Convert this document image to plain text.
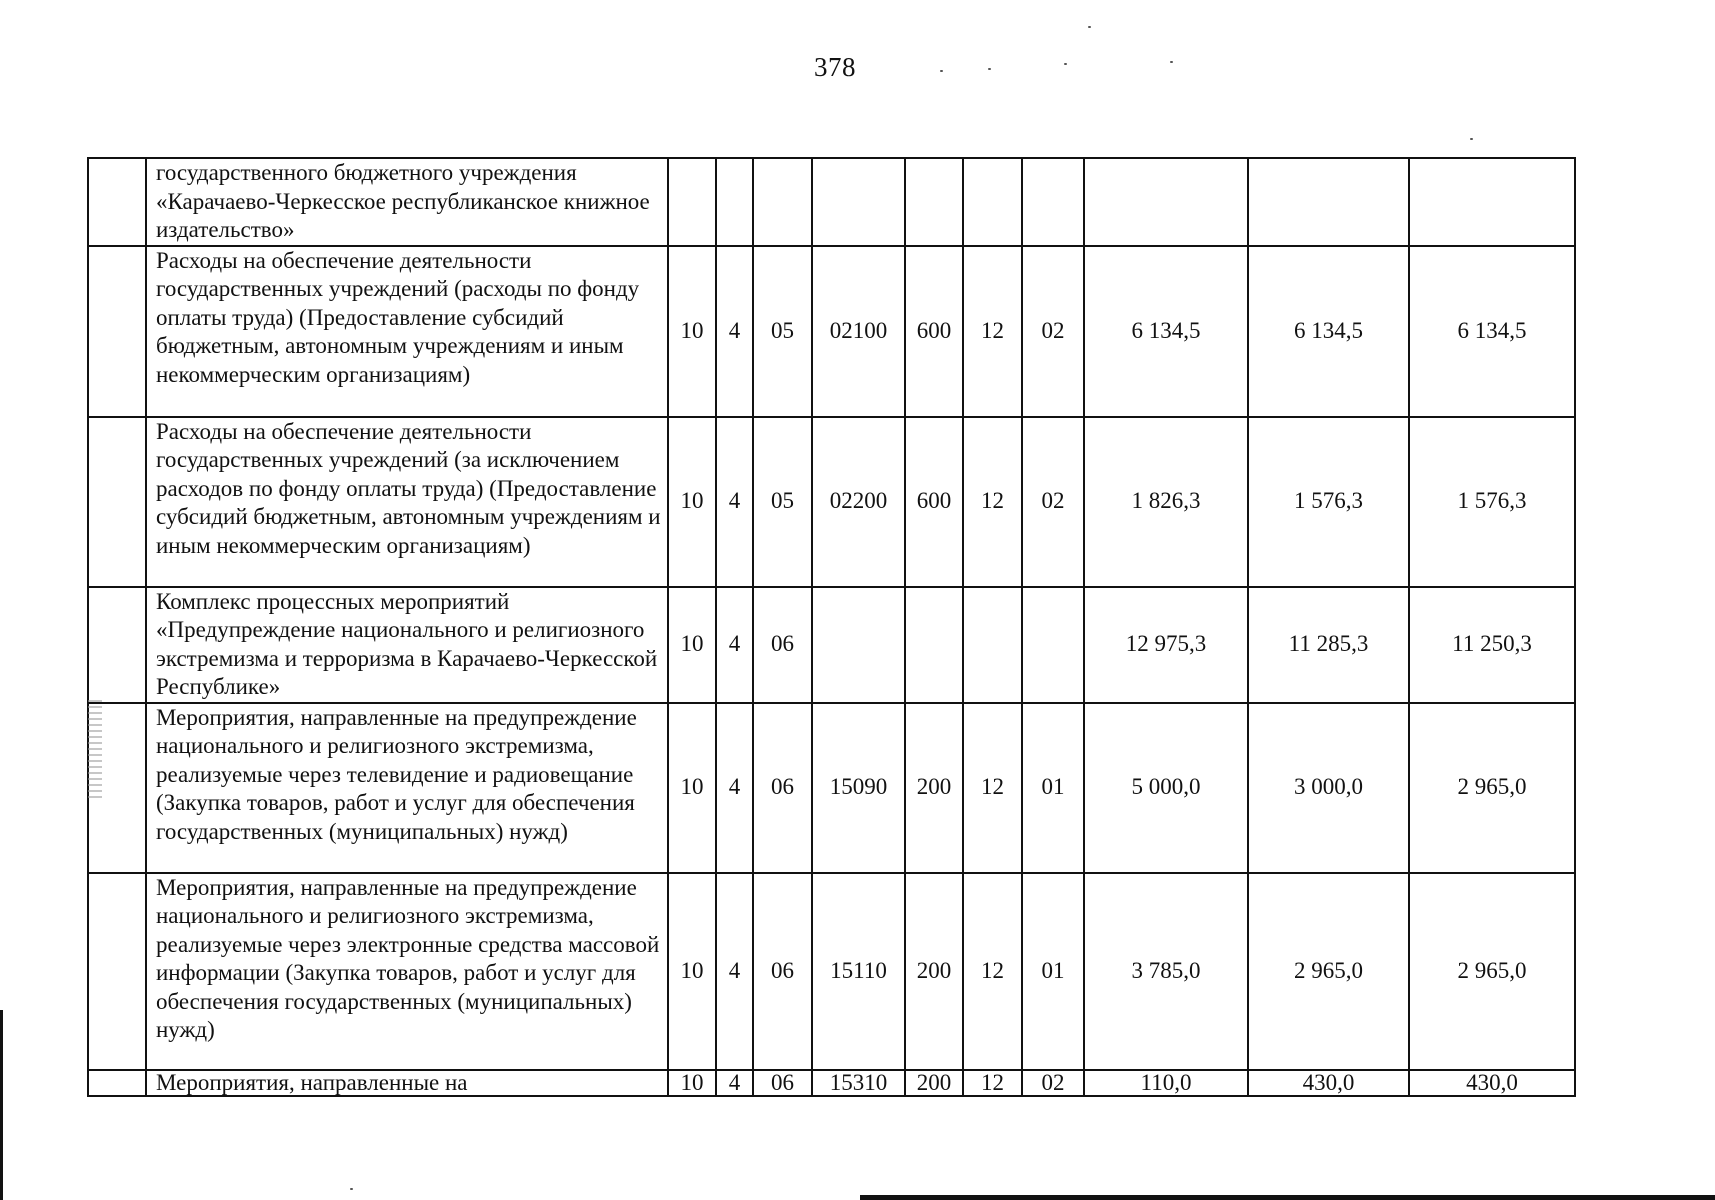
378
	государственного бюджетного учреждения «Карачаево-Черкесское республиканское книжное издательство»										
	Расходы на обеспечение деятельности государственных учреждений (расходы по фонду оплаты труда) (Предоставление субсидий бюджетным, автономным учреждениям и иным некоммерческим организациям)	10	4	05	02100	600	12	02	6 134,5	6 134,5	6 134,5
	Расходы на обеспечение деятельности государственных учреждений (за исключением расходов по фонду оплаты труда) (Предоставление субсидий бюджетным, автономным учреждениям и иным некоммерческим организациям)	10	4	05	02200	600	12	02	1 826,3	1 576,3	1 576,3
	Комплекс процессных мероприятий «Предупреждение национального и религиозного экстремизма и терроризма в Карачаево-Черкесской Республике»	10	4	06					12 975,3	11 285,3	11 250,3
	Мероприятия, направленные на предупреждение национального и религиозного экстремизма, реализуемые через телевидение и радиовещание (Закупка товаров, работ и услуг для обеспечения государственных (муниципальных) нужд)	10	4	06	15090	200	12	01	5 000,0	3 000,0	2 965,0
	Мероприятия, направленные на предупреждение национального и религиозного экстремизма, реализуемые через электронные средства массовой информации (Закупка товаров, работ и услуг для обеспечения государственных (муниципальных) нужд)	10	4	06	15110	200	12	01	3 785,0	2 965,0	2 965,0
	Мероприятия, направленные на	10	4	06	15310	200	12	02	110,0	430,0	430,0
